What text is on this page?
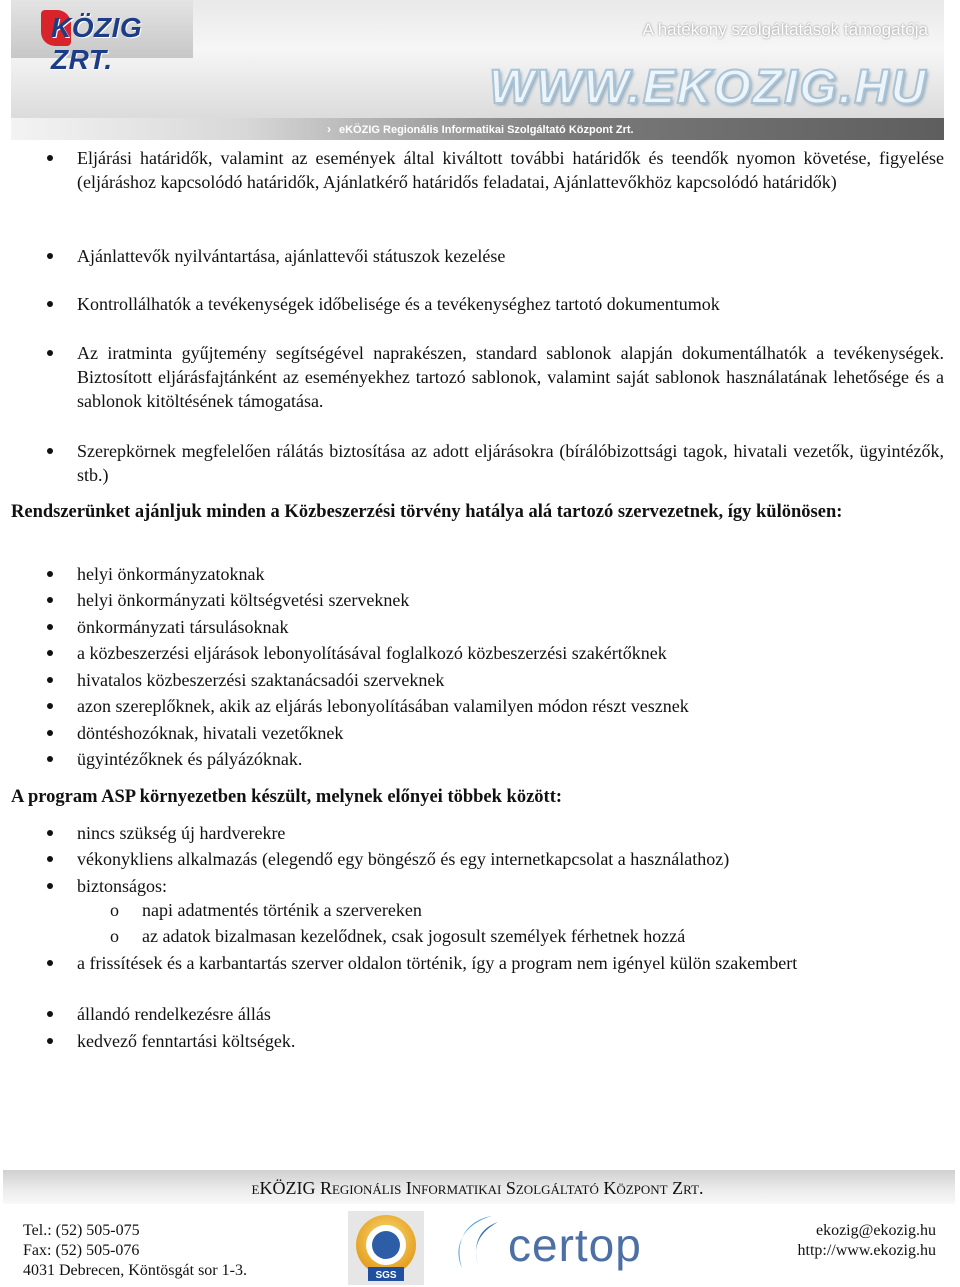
KÖZIG ZRT.
A hatékony szolgáltatások támogatója
WWW.EKOZIG.HU
› eKÖZIG Regionális Informatikai Szolgáltató Központ Zrt.
Eljárási határidők, valamint az események által kiváltott további határidők és teendők nyomon követése, figyelése (eljáráshoz kapcsolódó határidők, Ajánlatkérő határidős feladatai, Ajánlattevőkhöz kapcsolódó határidők)
Ajánlattevők nyilvántartása, ajánlattevői státuszok kezelése
Kontrollálhatók a tevékenységek időbelisége és a tevékenységhez tartotó dokumentumok
Az iratminta gyűjtemény segítségével naprakészen, standard sablonok alapján dokumentálhatók a tevékenységek. Biztosított eljárásfajtánként az eseményekhez tartozó sablonok, valamint saját sablonok használatának lehetősége és a sablonok kitöltésének támogatása.
Szerepkörnek megfelelően rálátás biztosítása az adott eljárásokra (bírálóbizottsági tagok, hivatali vezetők, ügyintézők, stb.)
Rendszerünket ajánljuk minden a Közbeszerzési törvény hatálya alá tartozó szervezetnek, így különösen:
helyi önkormányzatoknak
helyi önkormányzati költségvetési szerveknek
önkormányzati társulásoknak
a közbeszerzési eljárások lebonyolításával foglalkozó közbeszerzési szakértőknek
hivatalos közbeszerzési szaktanácsadói szerveknek
azon szereplőknek, akik az eljárás lebonyolításában valamilyen módon részt vesznek
döntéshozóknak, hivatali vezetőknek
ügyintézőknek és pályázóknak.
A program ASP környezetben készült, melynek előnyei többek között:
nincs szükség új hardverekre
vékonykliens alkalmazás (elegendő egy böngésző és egy internetkapcsolat a használathoz)
biztonságos:
o napi adatmentés történik a szervereken
o az adatok bizalmasan kezelődnek, csak jogosult személyek férhetnek hozzá
a frissítések és a karbantartás szerver oldalon történik, így a program nem igényel külön szakembert
állandó rendelkezésre állás
kedvező fenntartási költségek.
eKÖZIG Regionális Informatikai Szolgáltató Központ Zrt.
Tel.: (52) 505-075
Fax: (52) 505-076
4031 Debrecen, Köntösgát sor 1-3.	SGS
certop	ekozig@ekozig.hu
http://www.ekozig.hu
